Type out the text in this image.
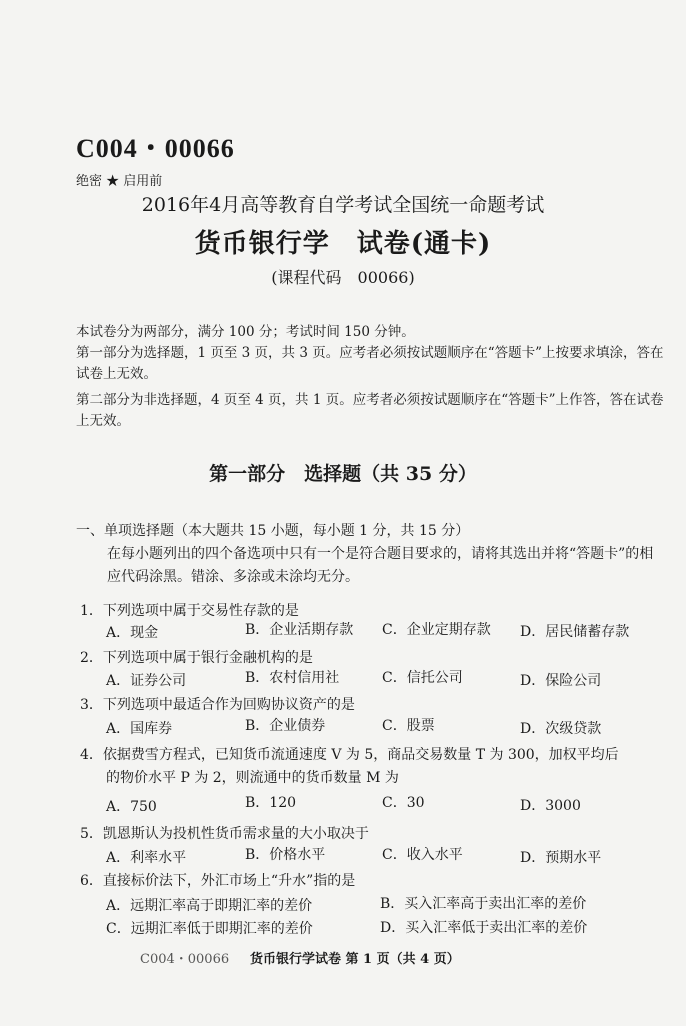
C004・00066
绝密 ★ 启用前
2016年4月高等教育自学考试全国统一命题考试
货币银行学　试卷(通卡)
(课程代码　00066)
本试卷分为两部分，满分 100 分；考试时间 150 分钟。
第一部分为选择题，1 页至 3 页，共 3 页。应考者必须按试题顺序在“答题卡”上按要求填涂，答在试卷上无效。
第二部分为非选择题，4 页至 4 页，共 1 页。应考者必须按试题顺序在“答题卡”上作答，答在试卷上无效。
第一部分　选择题（共 35 分）
一、单项选择题（本大题共 15 小题，每小题 1 分，共 15 分）
在每小题列出的四个备选项中只有一个是符合题目要求的，请将其选出并将“答题卡”的相应代码涂黑。错涂、多涂或未涂均无分。
1．下列选项中属于交易性存款的是
A．现金	B．企业活期存款 C．企业定期存款 D．居民储蓄存款
2．下列选项中属于银行金融机构的是
A．证券公司	B．农村信用社	C．信托公司	D．保险公司
3．下列选项中最适合作为回购协议资产的是
A．国库券	B．企业债券	C．股票	D．次级贷款
4．依据费雪方程式，已知货币流通速度 V 为 5，商品交易数量 T 为 300，加权平均后
的物价水平 P 为 2，则流通中的货币数量 M 为
A．750	B．120	C．30	D．3000
5．凯恩斯认为投机性货币需求量的大小取决于
A．利率水平	B．价格水平	C．收入水平	D．预期水平
6．直接标价法下，外汇市场上“升水”指的是
A．远期汇率高于即期汇率的差价	B．买入汇率高于卖出汇率的差价
C．远期汇率低于即期汇率的差价	D．买入汇率低于卖出汇率的差价
C004・00066 货币银行学试卷 第 1 页（共 4 页）
